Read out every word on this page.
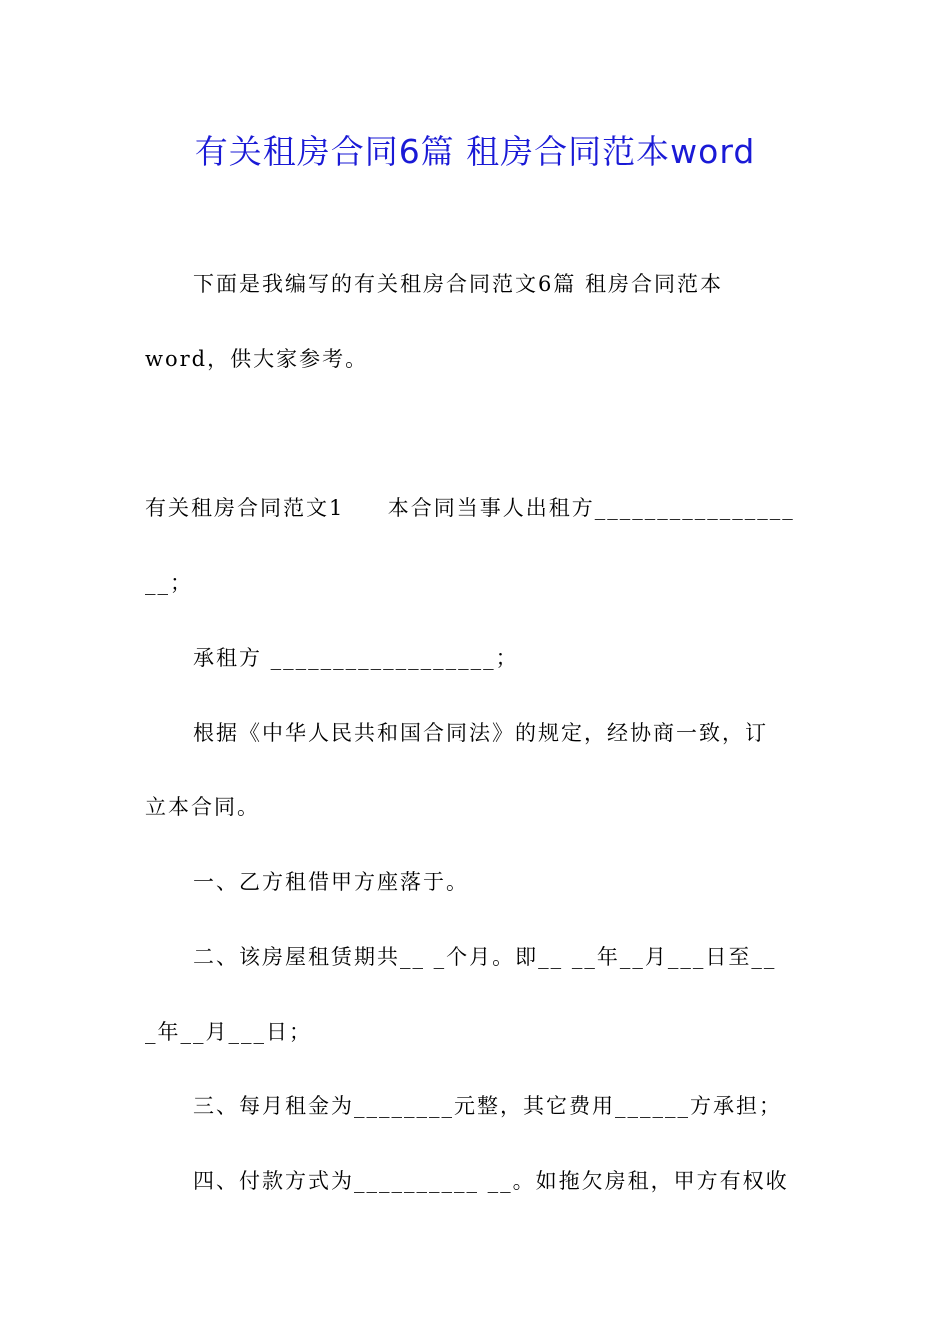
有关租房合同6篇 租房合同范本word
下面是我编写的有关租房合同范文6篇 租房合同范本
word，供大家参考。
有关租房合同范文1     本合同当事人出租方________________
__；
承租方 __________________；
根据《中华人民共和国合同法》的规定，经协商一致，订
立本合同。
一、乙方租借甲方座落于。
二、该房屋租赁期共__ _个月。即__ __年__月___日至__
_年__月___日；
三、每月租金为________元整，其它费用______方承担；
四、付款方式为__________ __。如拖欠房租，甲方有权收
